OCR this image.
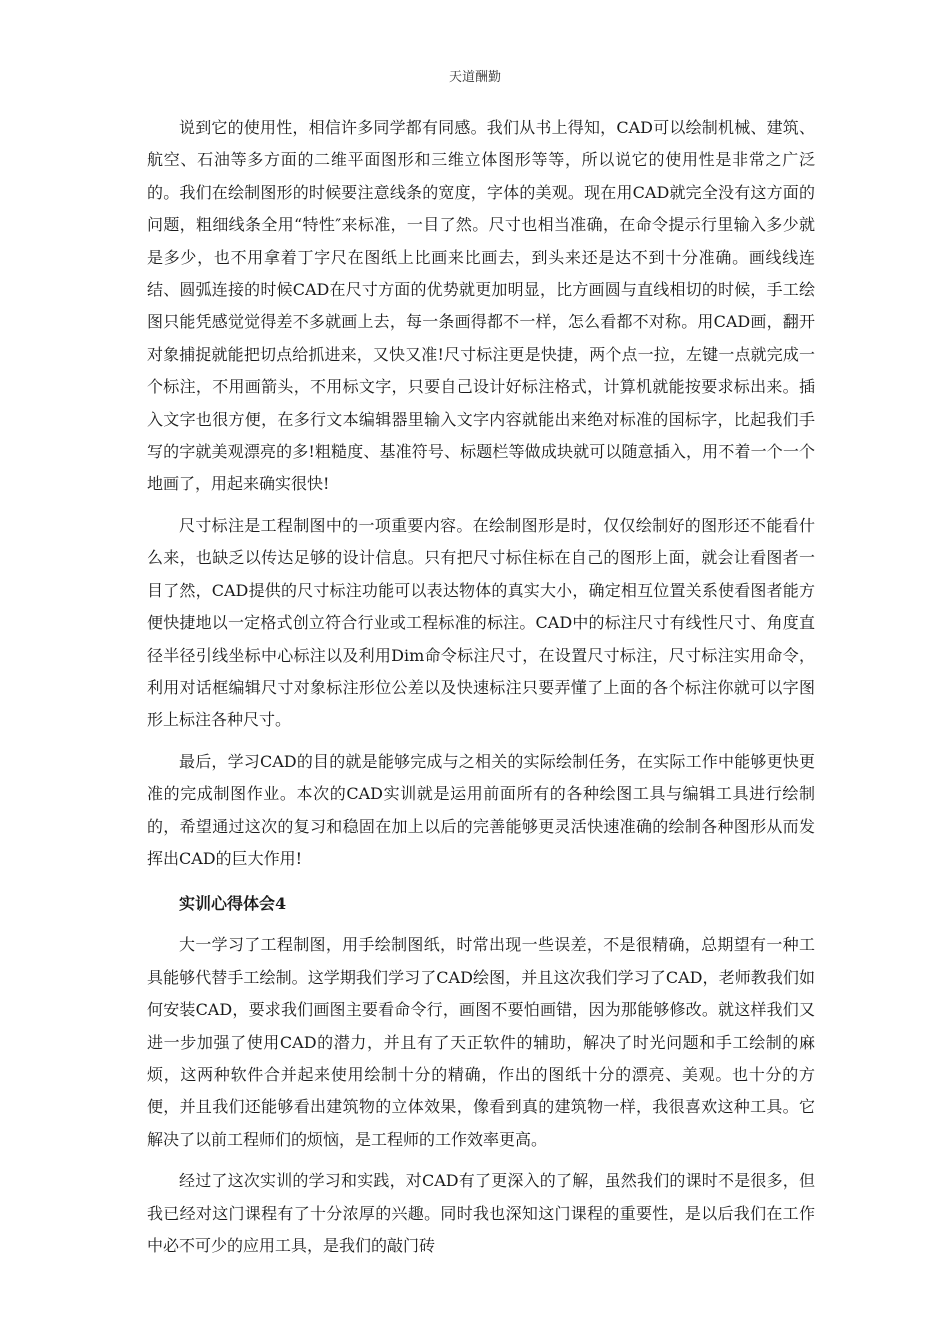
天道酬勤

说到它的使用性，相信许多同学都有同感。我们从书上得知，CAD可以绘制机械、建筑、航空、石油等多方面的二维平面图形和三维立体图形等等，所以说它的使用性是非常之广泛的。我们在绘制图形的时候要注意线条的宽度，字体的美观。现在用CAD就完全没有这方面的问题，粗细线条全用“特性″来标准，一目了然。尺寸也相当准确，在命令提示行里输入多少就是多少，也不用拿着丁字尺在图纸上比画来比画去，到头来还是达不到十分准确。画线线连结、圆弧连接的时候CAD在尺寸方面的优势就更加明显，比方画圆与直线相切的时候，手工绘图只能凭感觉觉得差不多就画上去，每一条画得都不一样，怎么看都不对称。用CAD画，翻开对象捕捉就能把切点给抓进来，又快又准!尺寸标注更是快捷，两个点一拉，左键一点就完成一个标注，不用画箭头，不用标文字，只要自己设计好标注格式，计算机就能按要求标出来。插入文字也很方便，在多行文本编辑器里输入文字内容就能出来绝对标准的国标字，比起我们手写的字就美观漂亮的多!粗糙度、基准符号、标题栏等做成块就可以随意插入，用不着一个一个地画了，用起来确实很快!

尺寸标注是工程制图中的一项重要内容。在绘制图形是时，仅仅绘制好的图形还不能看什么来，也缺乏以传达足够的设计信息。只有把尺寸标住标在自己的图形上面，就会让看图者一目了然，CAD提供的尺寸标注功能可以表达物体的真实大小，确定相互位置关系使看图者能方便快捷地以一定格式创立符合行业或工程标准的标注。CAD中的标注尺寸有线性尺寸、角度直径半径引线坐标中心标注以及利用Dim命令标注尺寸，在设置尺寸标注，尺寸标注实用命令，利用对话框编辑尺寸对象标注形位公差以及快速标注只要弄懂了上面的各个标注你就可以字图形上标注各种尺寸。

最后，学习CAD的目的就是能够完成与之相关的实际绘制任务，在实际工作中能够更快更准的完成制图作业。本次的CAD实训就是运用前面所有的各种绘图工具与编辑工具进行绘制的，希望通过这次的复习和稳固在加上以后的完善能够更灵活快速准确的绘制各种图形从而发挥出CAD的巨大作用!

实训心得体会4

大一学习了工程制图，用手绘制图纸，时常出现一些误差，不是很精确，总期望有一种工具能够代替手工绘制。这学期我们学习了CAD绘图，并且这次我们学习了CAD，老师教我们如何安装CAD，要求我们画图主要看命令行，画图不要怕画错，因为那能够修改。就这样我们又进一步加强了使用CAD的潜力，并且有了天正软件的辅助，解决了时光问题和手工绘制的麻烦，这两种软件合并起来使用绘制十分的精确，作出的图纸十分的漂亮、美观。也十分的方便，并且我们还能够看出建筑物的立体效果，像看到真的建筑物一样，我很喜欢这种工具。它解决了以前工程师们的烦恼，是工程师的工作效率更高。

经过了这次实训的学习和实践，对CAD有了更深入的了解，虽然我们的课时不是很多，但我已经对这门课程有了十分浓厚的兴趣。同时我也深知这门课程的重要性，是以后我们在工作中必不可少的应用工具，是我们的敲门砖
